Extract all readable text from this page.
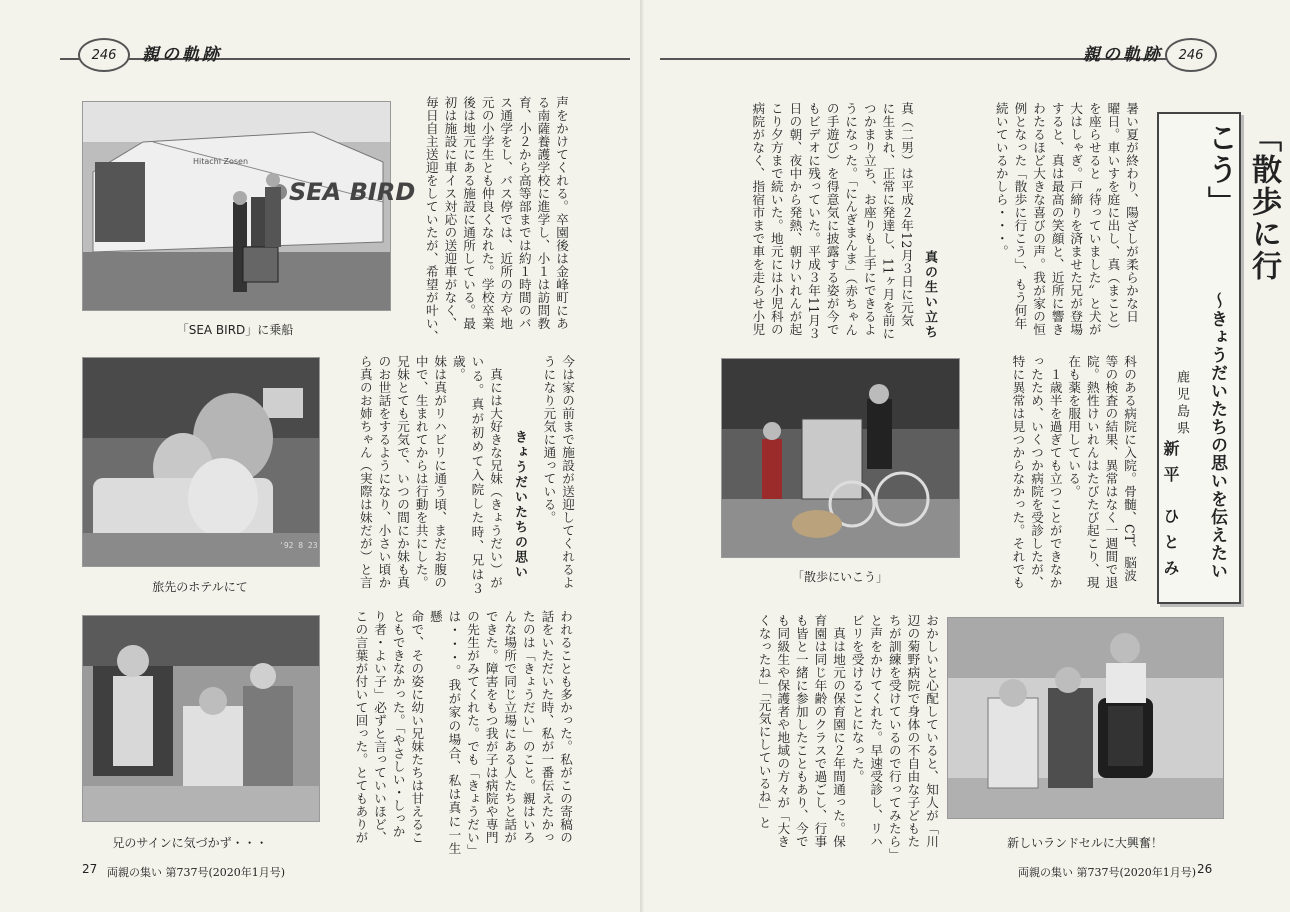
246	親の軌跡
SEA BIRD
Hitachi Zosen
「SEA BIRD」に乗船
'92 8 23
旅先のホテルにて
兄のサインに気づかず・・・
声をかけてくれる。卒園後は金峰町にあ
る南薩養護学校に進学し、小１は訪問教
育、小２から高等部までは約１時間のバ
ス通学をし、バス停では、近所の方や地
元の小学生とも仲良くなれた。学校卒業
後は地元にある施設に通所している。最
初は施設に車イス対応の送迎車がなく、
毎日自主送迎をしていたが、希望が叶い、
今は家の前まで施設が送迎してくれるよ
うになり元気に通っている。
きょうだいたちの思い
　真には大好きな兄妹（きょうだい）が
いる。真が初めて入院した時、兄は３歳。
妹は真がリハビリに通う頃、まだお腹の
中で、生まれてからは行動を共にした。
兄妹とても元気で、いつの間にか妹も真
のお世話をするようになり、小さい頃か
ら真のお姉ちゃん（実際は妹だが）と言
われることも多かった。私がこの寄稿の
話をいただいた時、私が一番伝えたかっ
たのは「きょうだい」のこと。親はいろ
んな場所で同じ立場にある人たちと話が
できた。障害をもつ我が子は病院や専門
の先生がみてくれた。でも「きょうだい」
は・・・。我が家の場合、私は真に一生懸
命で、その姿に幼い兄妹たちは甘えるこ
ともできなかった。「やさしい・しっか
り者・よい子」必ずと言っていいほど、
この言葉が付いて回った。とてもありが
27 両親の集い 第737号(2020年1月号)
親の軌跡	246
「散歩に行こう」
〜きょうだいたちの思いを伝えたい
鹿児島県
新平 ひとみ
暑い夏が終わり、陽ざしが柔らかな日
曜日。車いすを庭に出し、真（まこと）
を座らせると〝待っていました〟と犬が
大はしゃぎ。戸締りを済ませた兄が登場
すると、真は最高の笑顔と、近所に響き
わたるほど大きな喜びの声。我が家の恒
例となった「散歩に行こう」、もう何年
続いているかしら・・・。
真の生い立ち
真（二男）は平成２年12月３日に元気
に生まれ、正常に発達し、11ヶ月を前に
つかまり立ち、お座りも上手にできるよ
うになった。「にんぎまんま」（赤ちゃん
の手遊び）を得意気に披露する姿が今で
もビデオに残っていた。平成３年11月３
日の朝、夜中から発熱、朝けいれんが起
こり夕方まで続いた。地元には小児科の
病院がなく、指宿市まで車を走らせ小児
科のある病院に入院。骨髄、CT、脳波
等の検査の結果、異常はなく一週間で退
院。熱性けいれんはたびたび起こり、現
在も薬を服用している。
　１歳半を過ぎても立つことができなか
ったため、いくつか病院を受診したが、
特に異常は見つからなかった。それでも
「散歩にいこう」
おかしいと心配していると、知人が「川
辺の菊野病院で身体の不自由な子どもた
ちが訓練を受けているので行ってみたら」
と声をかけてくれた。早速受診し、リハ
ビリを受けることになった。
　真は地元の保育園に２年間通った。保
育園は同じ年齢のクラスで過ごし、行事
も皆と一緒に参加したこともあり、今で
も同級生や保護者や地域の方々が「大き
くなったね」「元気にしているね」と
新しいランドセルに大興奮！
両親の集い 第737号(2020年1月号) 26
